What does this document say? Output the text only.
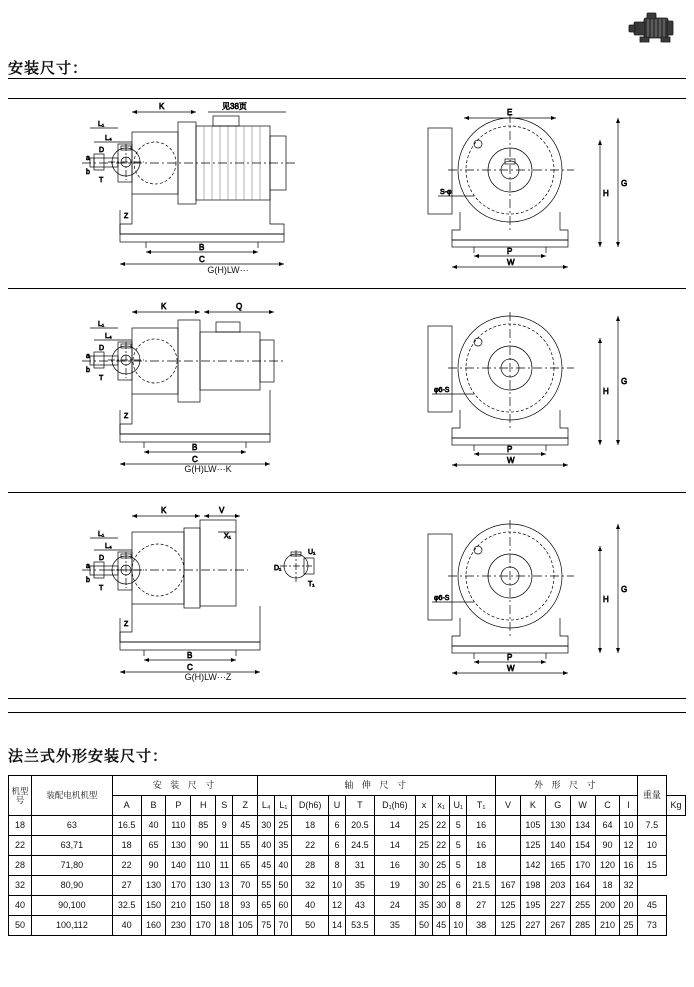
安装尺寸：
a
b
D
T
K	见38页
L₁
L₄
Z
B
C
E
H
G
S-φ
P
W
G(H)LW···
a
b
D
T
K	Q
L₁
L₄
Z
B
C
H
G
φ6-S
P
W
G(H)LW···K
a
b
D
T
K	V
X₁
L₁
L₄
Z
B
C
D₁
U₁
T₁
H
G
φ6-S
P
W
G(H)LW···Z
法兰式外形安装尺寸：
机型号	装配电机机型	安 装 尺 寸						轴 伸 尺 寸										外 形 尺 寸						重量	
		A	B	P	H	S	Z	L₄	L₁	D(h6)	U	T	D₁(h6)	x	x₁	U₁	T₁	V	K	G	W	C	I		Kg
18	63	16.5	40	110	85	9	45	30	25	18	6	20.5	14	25	22	5	16		105	130	134	64	10	7.5	
22	63,71	18	65	130	90	11	55	40	35	22	6	24.5	14	25	22	5	16		125	140	154	90	12	10	
28	71,80	22	90	140	110	11	65	45	40	28	8	31	16	30	25	5	18		142	165	170	120	16	15	
32	80,90	27	130	170	130	13	70	55	50	32	10	35	19	30	25	6	21.5	167	198	203	164	18	32		
40	90,100	32.5	150	210	150	18	93	65	60	40	12	43	24	35	30	8	27	125	195	227	255	200	20	45	
50	100,112	40	160	230	170	18	105	75	70	50	14	53.5	35	50	45	10	38	125	227	267	285	210	25	73	
